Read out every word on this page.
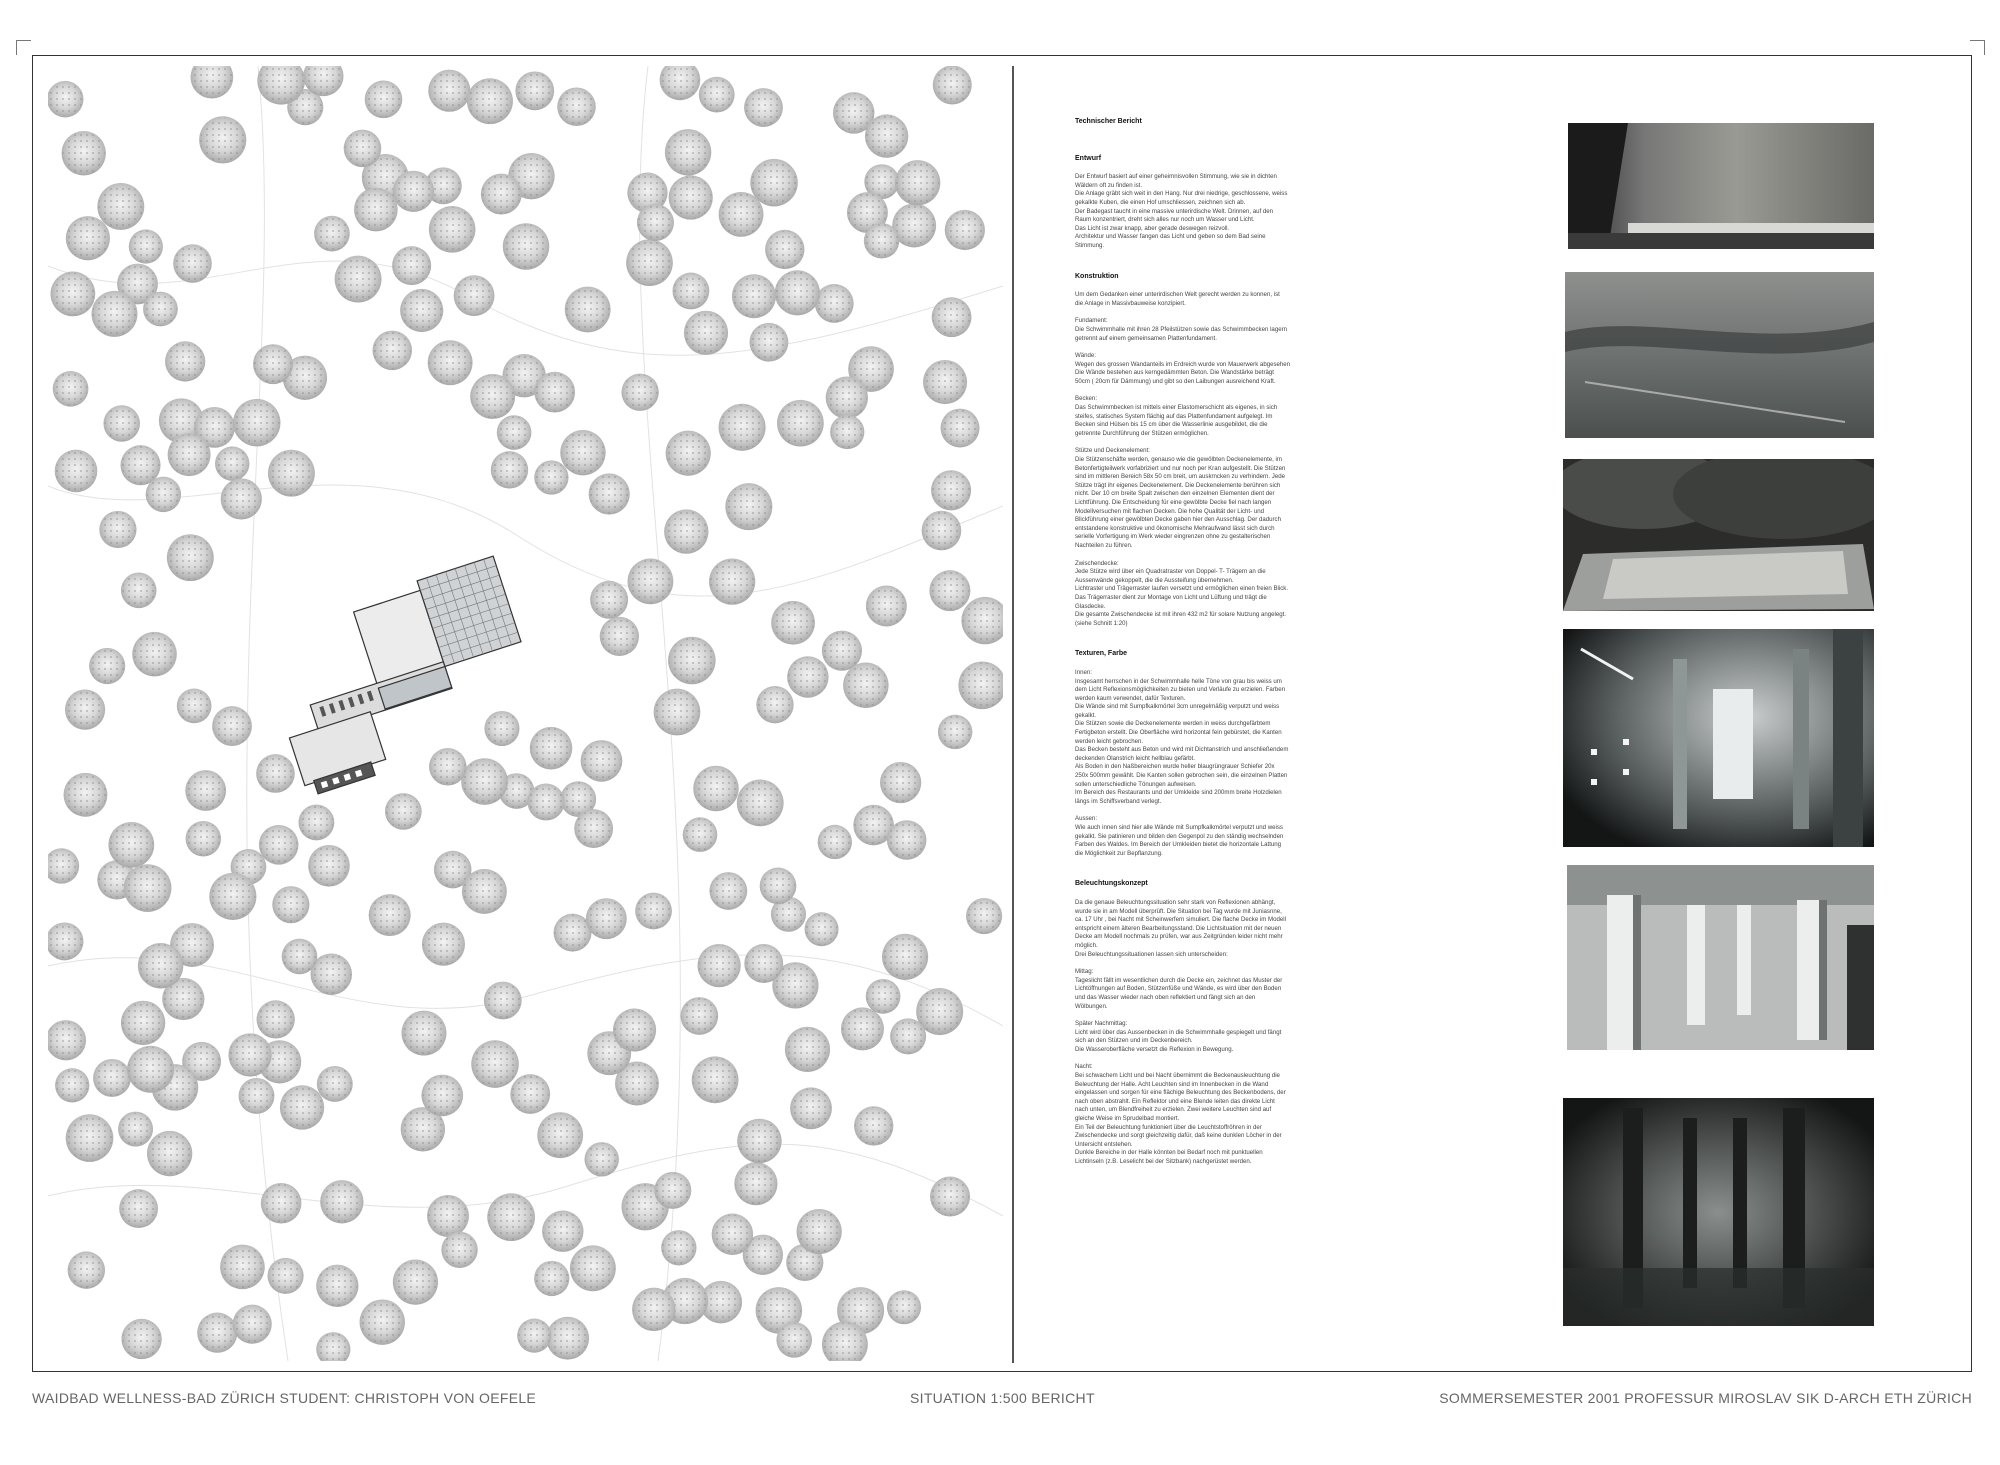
Technischer Bericht
Entwurf
Der Entwurf basiert auf einer geheimnisvollen Stimmung, wie sie in dichten
Wäldern oft zu finden ist.
Die Anlage gräbt sich weit in den Hang. Nur drei niedrige, geschlossene, weiss
gekalkte Kuben, die einen Hof umschliessen, zeichnen sich ab.
Der Badegast taucht in eine massive unterirdische Welt. Drinnen, auf den
Raum konzentriert, dreht sich alles nur noch um Wasser und Licht.
Das Licht ist zwar knapp, aber gerade deswegen reizvoll.
Architektur und Wasser fangen das Licht und geben so dem Bad seine
Stimmung.
Konstruktion
Um dem Gedanken einer unterirdischen Welt gerecht werden zu konnen, ist
die Anlage in Massivbauweise konzipiert.
Fundament:
Die Schwimmhalle mit ihren 28 Pfeilstützen sowie das Schwimmbecken lagern
getrennt auf einem gemeinsamen Plattenfundament.
Wände:
Wegen des grossen Wandanteils im Erdreich wurde von Mauerwerk abgesehen
Die Wände bestehen aus kerngedämmten Beton. Die Wandstärke beträgt
50cm ( 20cm für Dämmung) und gibt so den Laibungen ausreichend Kraft.
Becken:
Das Schwimmbecken ist mittels einer Elastomerschicht als eigenes, in sich
steifes, statisches System flächig auf das Plattenfundament aufgelegt. Im
Becken sind Hülsen bis 15 cm über die Wasserlinie ausgebildet, die die
getrennte Durchführung der Stützen ermöglichen.
Stütze und Deckenelement:
Die Stützenschäfte werden, genauso wie die gewölbten Deckenelemente, im
Betonfertigteilwerk vorfabriziert und nur noch per Kran aufgestellt. Die Stützen
sind im mittleren Bereich 58x 50 cm breit, um auskrncken zu verhindern. Jede
Stütze trägt ihr eigenes Deckenelement. Die Deckenelemente berühren sich
nicht. Der 10 cm breite Spalt zwischen den einzelnen Elementen dient der
Lichtführung. Die Entscheidung für eine gewölbte Decke fiel nach langen
Modellversuchen mit flachen Decken. Die hohe Qualität der Licht- und
Blickführung einer gewölbten Decke gaben hier den Ausschlag. Der dadurch
entstandene konstruktive und ökonomische Mehraufwand lässt sich durch
serielle Vorfertigung im Werk wieder eingrenzen ohne zu gestalterischen
Nachteilen zu führen.
Zwischendecke:
Jede Stütze wird über ein Quadratraster von Doppel- T- Trägern an die
Aussenwände gekoppelt, die die Aussteifung übernehmen.
Lichtraster und Trägerraster laufen versetzt und ermöglichen einen freien Blick.
Das Trägerraster dient zur Montage von Licht und Lüftung und trägt die
Glasdecke.
Die gesamte Zwischendecke ist mit ihren 432 m2 für solare Nutzung angelegt.
(siehe Schnitt 1:20)
Texturen, Farbe
Innen:
Insgesamt herrschen in der Schwimmhalle helle Töne von grau bis weiss um
dem Licht Reflexionsmöglichkeiten zu bieten und Verläufe zu erzielen. Farben
werden kaum verwendet, dafür Texturen.
Die Wände sind mit Sumpfkalkmörtel 3cm unregelmäßig verputzt und weiss
gekalkt.
Die Stützen sowie die Deckenelemente werden in weiss durchgefärbtem
Fertigbeton erstellt. Die Oberfläche wird horizontal fein gebürstet, die Kanten
werden leicht gebrochen.
Das Becken besteht aus Beton und wird mit Dichtanstrich und anschließendem
deckenden Ölanstrich leicht hellblau gefärbt.
Als Boden in den Naßbereichen wurde heller blaugrüngrauer Schiefer 20x
250x 500mm gewählt. Die Kanten sollen gebrochen sein, die einzelnen Platten
sollen unterschiedliche Tönungen aufweisen.
Im Bereich des Restaurants und der Umkleide sind 200mm breite Holzdielen
längs im Schiffsverband verlegt.
Aussen:
Wie auch innen sind hier alle Wände mit Sumpfkalkmörtel verputzt und weiss
gekalkt. Sie patinieren und bilden den Gegenpol zu den ständig wechselnden
Farben des Waldes. Im Bereich der Umkleiden bietet die horizontale Lattung
die Möglichkeit zur Bepflanzung.
Beleuchtungskonzept
Da die genaue Beleuchtungssituation sehr stark von Reflexionen abhängt,
wurde sie in am Modell überprüft. Die Situation bei Tag wurde mit Juniasnne,
ca. 17 Uhr , bei Nacht mit Scheinwerfern simuliert. Die flache Decke im Modell
entspricht einem älteren Bearbeitungsstand. Die Lichtsituation mit der neuen
Decke am Modell nochmals zu prüfen, war aus Zeitgründen leider nicht mehr
möglich.
Drei Beleuchtungssituationen lassen sich unterscheiden:
Mittag:
Tageslicht fällt im wesentlichen durch die Decke ein, zeichnet das Muster der
Lichtöffnungen auf Boden, Stützenfüße und Wände, es wird über den Boden
und das Wasser wieder nach oben reflektiert und fängt sich an den
Wölbungen.
Später Nachmittag:
Licht wird über das Aussenbecken in die Schwimmhalle gespiegelt und fängt
sich an den Stützen und im Deckenbereich.
Die Wasseroberfläche versetzt die Reflexion in Bewegung.
Nacht:
Bei schwachem Licht und bei Nacht übernimmt die Beckenausleuchtung die
Beleuchtung der Halle. Acht Leuchten sind im Innenbecken in die Wand
eingelassen und sorgen für eine flächige Beleuchtung des Beckenbodens, der
nach oben abstrahlt. Ein Reflektor und eine Blende leiten das direkte Licht
nach unten, um Blendfreiheit zu erzielen. Zwei weitere Leuchten sind auf
gleiche Weise im Sprudelbad montiert.
Ein Teil der Beleuchtung funktioniert über die Leuchtstoffröhren in der
Zwischendecke und sorgt gleichzeitig dafür, daß keine dunklen Löcher in der
Untersicht entstehen.
Dunkle Bereiche in der Halle könnten bei Bedarf noch mit punktuellen
Lichtinseln (z.B. Leselicht bei der Sitzbank) nachgerüstet werden.
WAIDBAD WELLNESS-BAD ZÜRICH STUDENT: CHRISTOPH VON OEFELE	SITUATION 1:500 BERICHT	SOMMERSEMESTER 2001 PROFESSUR MIROSLAV SIK D-ARCH ETH ZÜRICH
